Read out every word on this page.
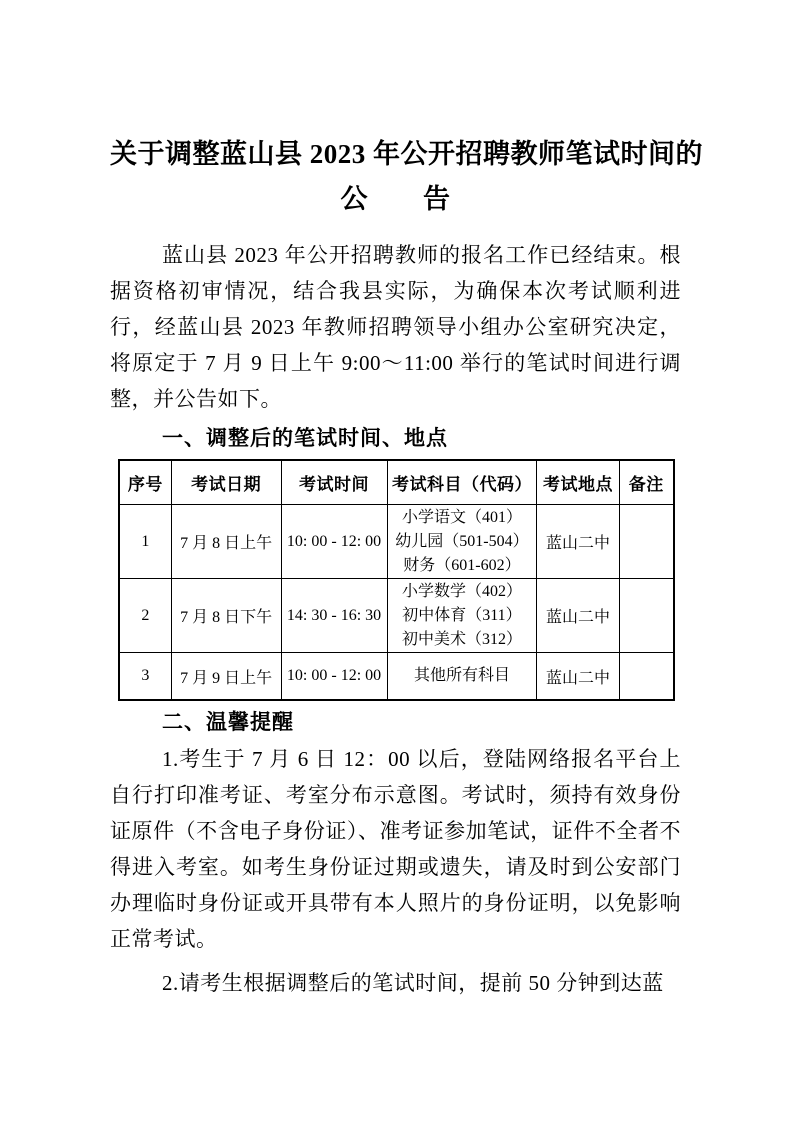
关于调整蓝山县 2023 年公开招聘教师笔试时间的
公　　告

蓝山县 2023 年公开招聘教师的报名工作已经结束。根据资格初审情况，结合我县实际，为确保本次考试顺利进行，经蓝山县 2023 年教师招聘领导小组办公室研究决定，将原定于 7 月 9 日上午 9:00～11:00 举行的笔试时间进行调整，并公告如下。

一、调整后的笔试时间、地点
序号	考试日期	考试时间	考试科目（代码）	考试地点	备注
1	7 月 8 日上午	10: 00 - 12: 00	小学语文（401）
幼儿园（501-504）
财务（601-602）	蓝山二中	
2	7 月 8 日下午	14: 30 - 16: 30	小学数学（402）
初中体育（311）
初中美术（312）	蓝山二中	
3	7 月 9 日上午	10: 00 - 12: 00	其他所有科目	蓝山二中	
二、温馨提醒

1.考生于 7 月 6 日 12：00 以后，登陆网络报名平台上自行打印准考证、考室分布示意图。考试时，须持有效身份证原件（不含电子身份证）、准考证参加笔试，证件不全者不得进入考室。如考生身份证过期或遗失，请及时到公安部门办理临时身份证或开具带有本人照片的身份证明，以免影响正常考试。

2.请考生根据调整后的笔试时间，提前 50 分钟到达蓝
